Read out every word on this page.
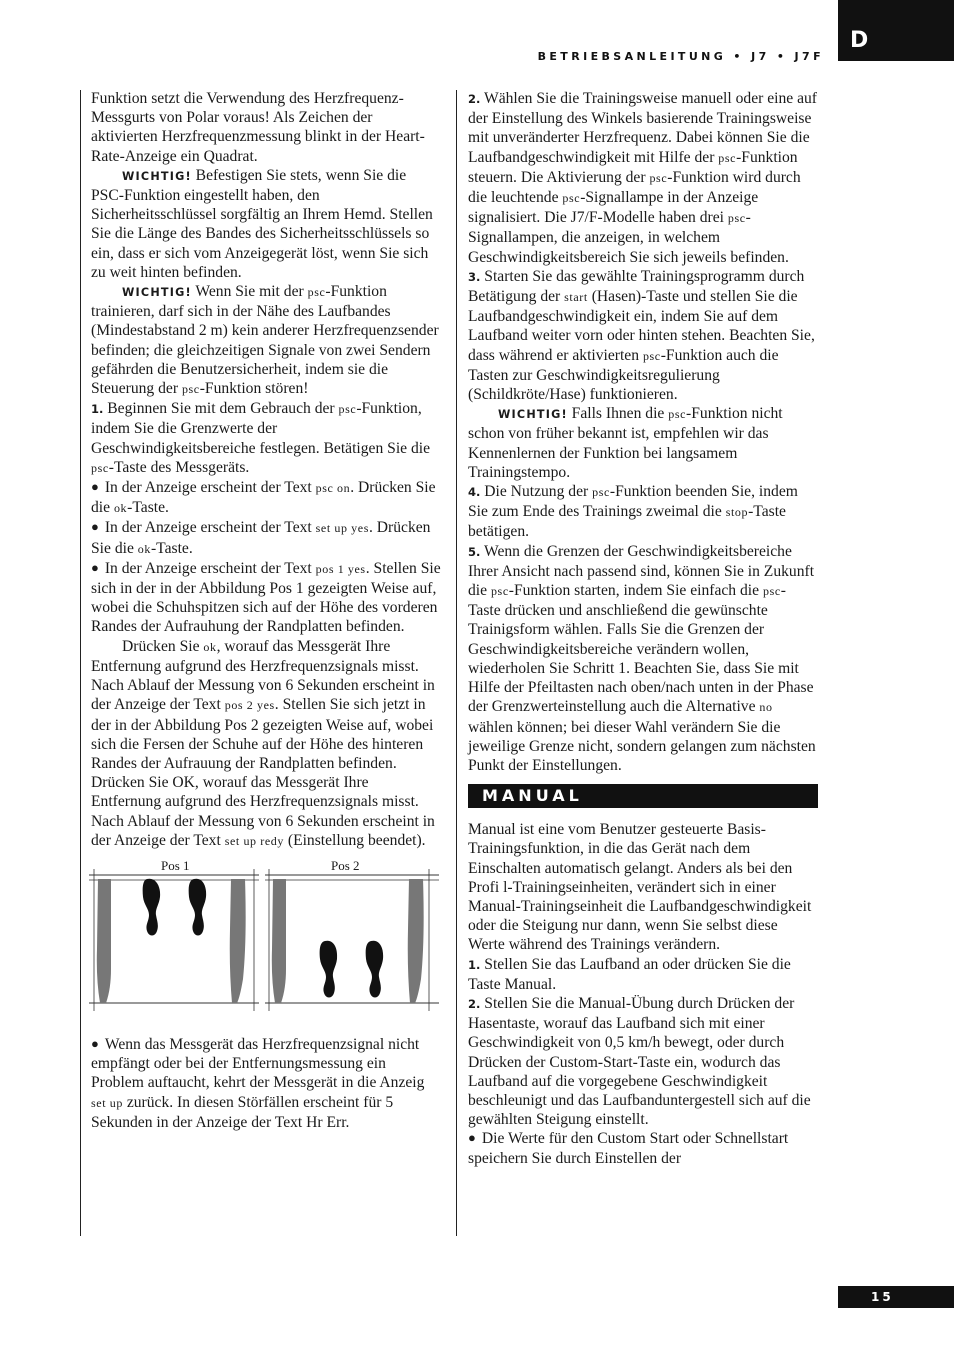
D
BETRIEBSANLEITUNG • J7 • J7F

Funktion setzt die Verwendung des Herzfrequenz-Messgurts von Polar voraus! Als Zeichen der aktivierten Herzfrequenzmessung blinkt in der Heart-Rate-Anzeige ein Quadrat.

WICHTIG! Befestigen Sie stets, wenn Sie die PSC-Funktion eingestellt haben, den Sicherheitsschlüssel sorgfältig an Ihrem Hemd. Stellen Sie die Länge des Bandes des Sicherheitsschlüssels so ein, dass er sich vom Anzeigegerät löst, wenn Sie sich zu weit hinten befinden.

WICHTIG! Wenn Sie mit der psc-Funktion trainieren, darf sich in der Nähe des Laufbandes (Mindestabstand 2 m) kein anderer Herzfrequenzsender befinden; die gleichzeitigen Signale von zwei Sendern gefährden die Benutzersicherheit, indem sie die Steuerung der psc-Funktion stören!

1. Beginnen Sie mit dem Gebrauch der psc-Funktion, indem Sie die Grenzwerte der Geschwindigkeitsbereiche festlegen. Betätigen Sie die psc-Taste des Messgeräts.

● In der Anzeige erscheint der Text psc on. Drücken Sie die ok-Taste.

● In der Anzeige erscheint der Text set up yes. Drücken Sie die ok-Taste.

● In der Anzeige erscheint der Text pos 1 yes. Stellen Sie sich in der in der Abbildung Pos 1 gezeigten Weise auf, wobei die Schuhspitzen sich auf der Höhe des vorderen Randes der Aufrauhung der Randplatten befinden.

Drücken Sie ok, worauf das Messgerät Ihre Entfernung aufgrund des Herzfrequenzsignals misst. Nach Ablauf der Messung von 6 Sekunden erscheint in der Anzeige der Text pos 2 yes. Stellen Sie sich jetzt in der in der Abbildung Pos 2 gezeigten Weise auf, wobei sich die Fersen der Schuhe auf der Höhe des hinteren Randes der Aufrauung der Randplatten befinden. Drücken Sie OK, worauf das Messgerät Ihre Entfernung aufgrund des Herzfrequenzsignals misst. Nach Ablauf der Messung von 6 Sekunden erscheint in der Anzeige der Text set up redy (Einstellung beendet).

Pos 1	Pos 2

● Wenn das Messgerät das Herzfrequenzsignal nicht empfängt oder bei der Entfernungsmessung ein Problem auftaucht, kehrt der Messgerät in die Anzeig set up zurück. In diesen Störfällen erscheint für 5 Sekunden in der Anzeige der Text Hr Err.

2. Wählen Sie die Trainingsweise manuell oder eine auf der Einstellung des Winkels basierende Trainingsweise mit unveränderter Herzfrequenz. Dabei können Sie die Laufbandgeschwindigkeit mit Hilfe der psc-Funktion steuern. Die Aktivierung der psc-Funktion wird durch die leuchtende psc-Signallampe in der Anzeige signalisiert. Die J7/F-Modelle haben drei psc-Signallampen, die anzeigen, in welchem Geschwindigkeitsbereich Sie sich jeweils befinden.

3. Starten Sie das gewählte Trainingsprogramm durch Betätigung der start (Hasen)-Taste und stellen Sie die Laufbandgeschwindigkeit ein, indem Sie auf dem Laufband weiter vorn oder hinten stehen. Beachten Sie, dass während er aktivierten psc-Funktion auch die Tasten zur Geschwindigkeitsregulierung (Schildkröte/Hase) funktionieren.

WICHTIG! Falls Ihnen die psc-Funktion nicht schon von früher bekannt ist, empfehlen wir das Kennenlernen der Funktion bei langsamem Trainingstempo.

4. Die Nutzung der psc-Funktion beenden Sie, indem Sie zum Ende des Trainings zweimal die stop-Taste betätigen.

5. Wenn die Grenzen der Geschwindigkeitsbereiche Ihrer Ansicht nach passend sind, können Sie in Zukunft die psc-Funktion starten, indem Sie einfach die psc-Taste drücken und anschließend die gewünschte Trainigsform wählen. Falls Sie die Grenzen der Geschwindigkeitsbereiche verändern wollen, wiederholen Sie Schritt 1. Beachten Sie, dass Sie mit Hilfe der Pfeiltasten nach oben/nach unten in der Phase der Grenzwerteinstellung auch die Alternative no wählen können; bei dieser Wahl verändern Sie die jeweilige Grenze nicht, sondern gelangen zum nächsten Punkt der Einstellungen.

MANUAL

Manual ist eine vom Benutzer gesteuerte Basis-Trainingsfunktion, in die das Gerät nach dem Einschalten automatisch gelangt. Anders als bei den Profi l-Trainingseinheiten, verändert sich in einer Manual-Trainingseinheit die Laufbandgeschwindigkeit oder die Steigung nur dann, wenn Sie selbst diese Werte während des Trainings verändern.

1. Stellen Sie das Laufband an oder drücken Sie die Taste Manual.

2. Stellen Sie die Manual-Übung durch Drücken der Hasentaste, worauf das Laufband sich mit einer Geschwindigkeit von 0,5 km/h bewegt, oder durch Drücken der Custom-Start-Taste ein, wodurch das Laufband auf die vorgegebene Geschwindigkeit beschleunigt und das Laufbanduntergestell sich auf die gewählten Steigung einstellt.

● Die Werte für den Custom Start oder Schnellstart speichern Sie durch Einstellen der

15
